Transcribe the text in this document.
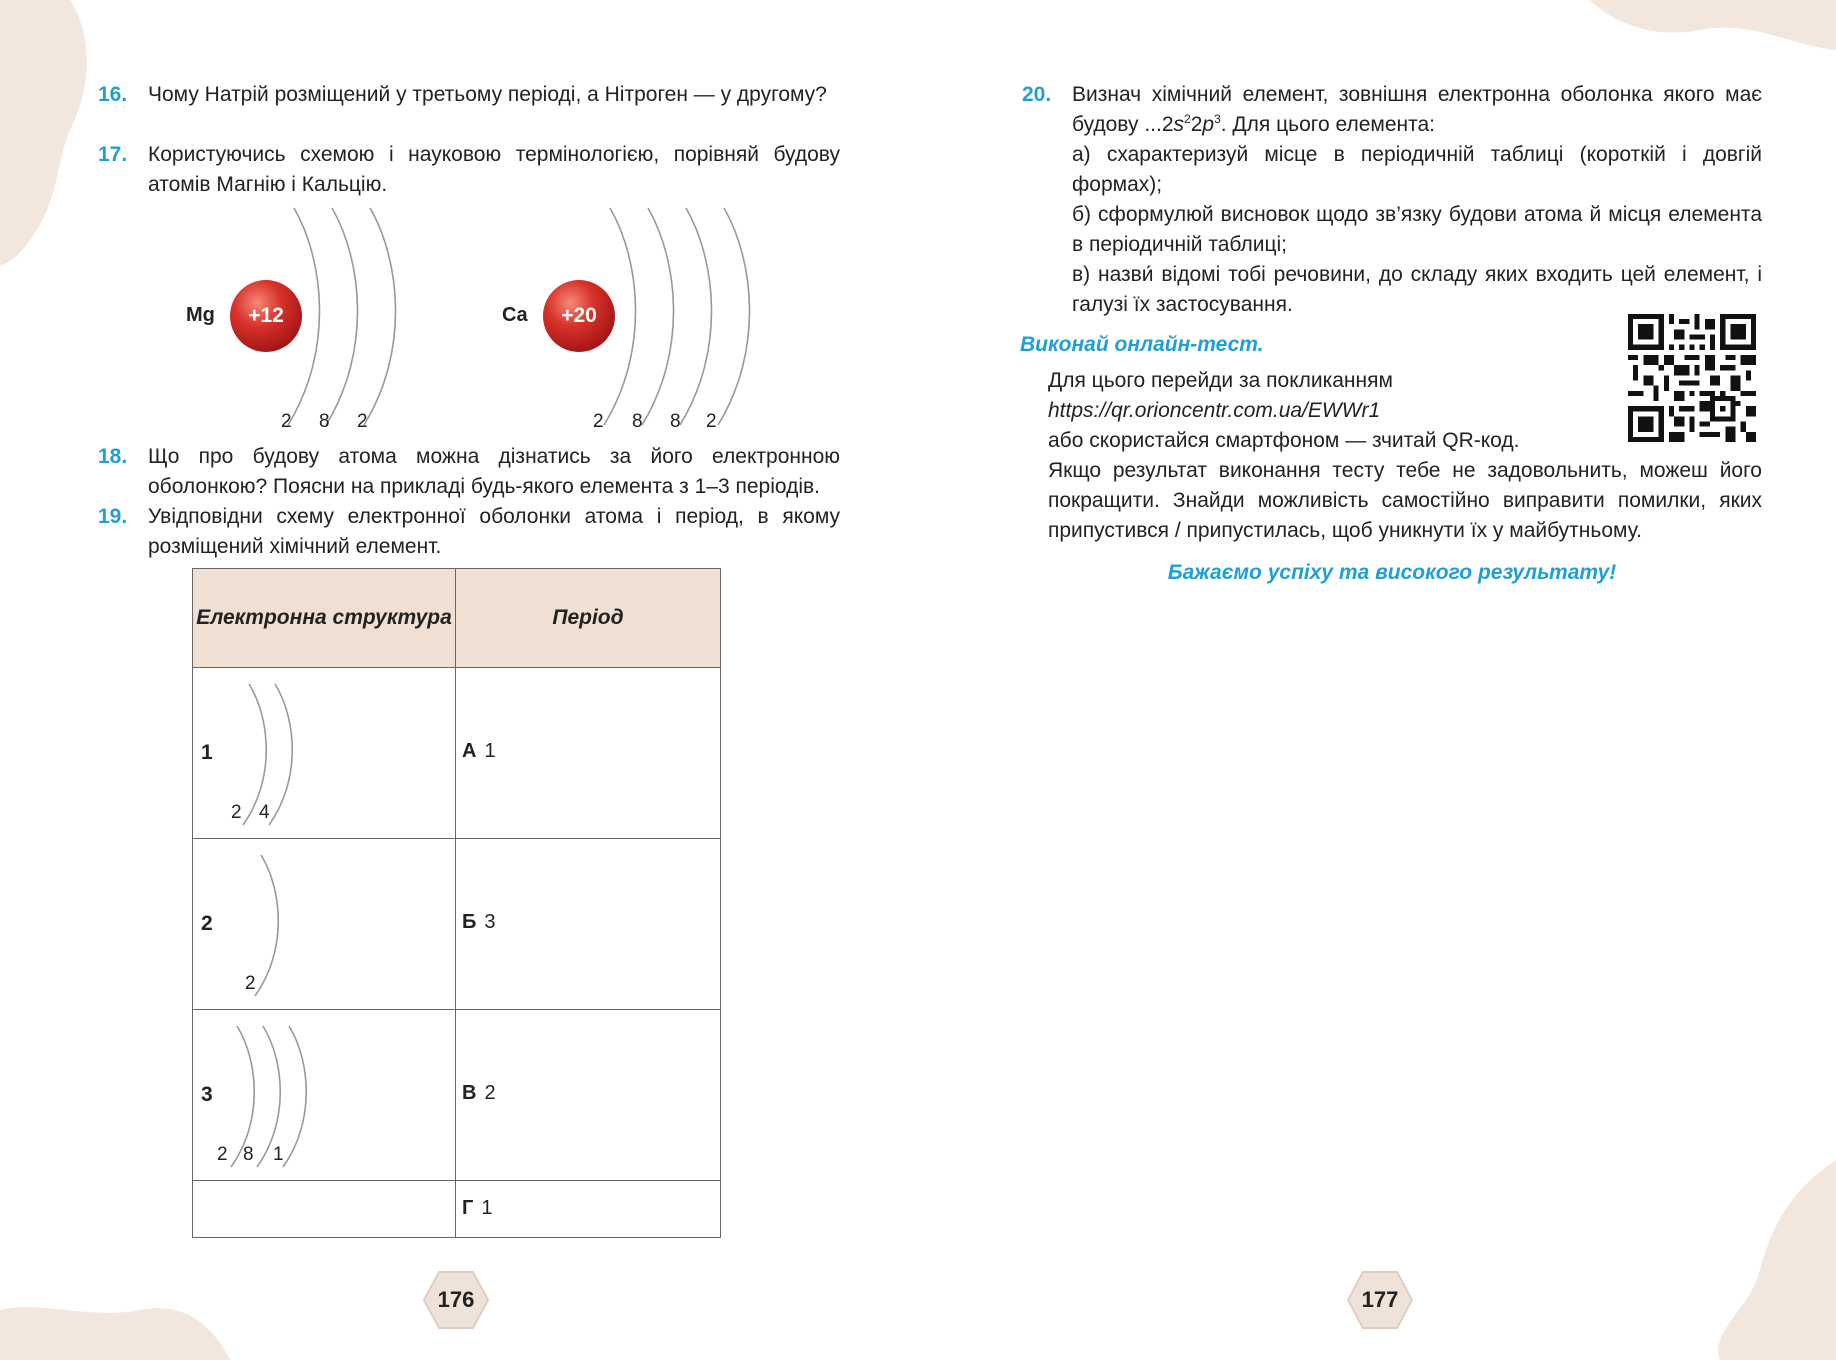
16. Чому Натрій розміщений у третьому періоді, а Нітроген — у другому?

17. Користуючись схемою і науковою термінологією, порівняй будову атомів Магнію і Кальцію.

Mg +12
2 8 2
Ca +20
2 8 8 2
18. Що про будову атома можна дізнатись за його електронною оболонкою? Поясни на прикладі будь-якого елемента з 1–3 періодів.

19. Увідповідни схему електронної оболонки атома і період, в якому розміщений хімічний елемент.

Електронна структура	Період

1
2 4	А 1

2
2	Б 3

3
2 8 1	В 2

	Г 1
176
20. Визнач хімічний елемент, зовнішня електронна оболонка якого має будову $...2s^22p^3$. Для цього елемента:

а) схарактеризуй місце в періодичній таблиці (короткій і довгій формах);

б) сформулюй висновок щодо зв’язку будови атома й місця елемента в періодичній таблиці;

в) назви́ відомі тобі речовини, до складу яких входить цей елемент, і галузі їх застосування.

Виконай онлайн-тест.
Для цього перейди за покликанням
https://qr.orioncentr.com.ua/EWWr1
або скористайся смартфоном — зчитай QR-код.
Якщо результат виконання тесту тебе не задовольнить, можеш його покращити. Знайди можливість самостійно виправити помилки, яких припустився / припустилась, щоб уникнути їх у майбутньому.
Бажаємо успіху та високого результату!
177
